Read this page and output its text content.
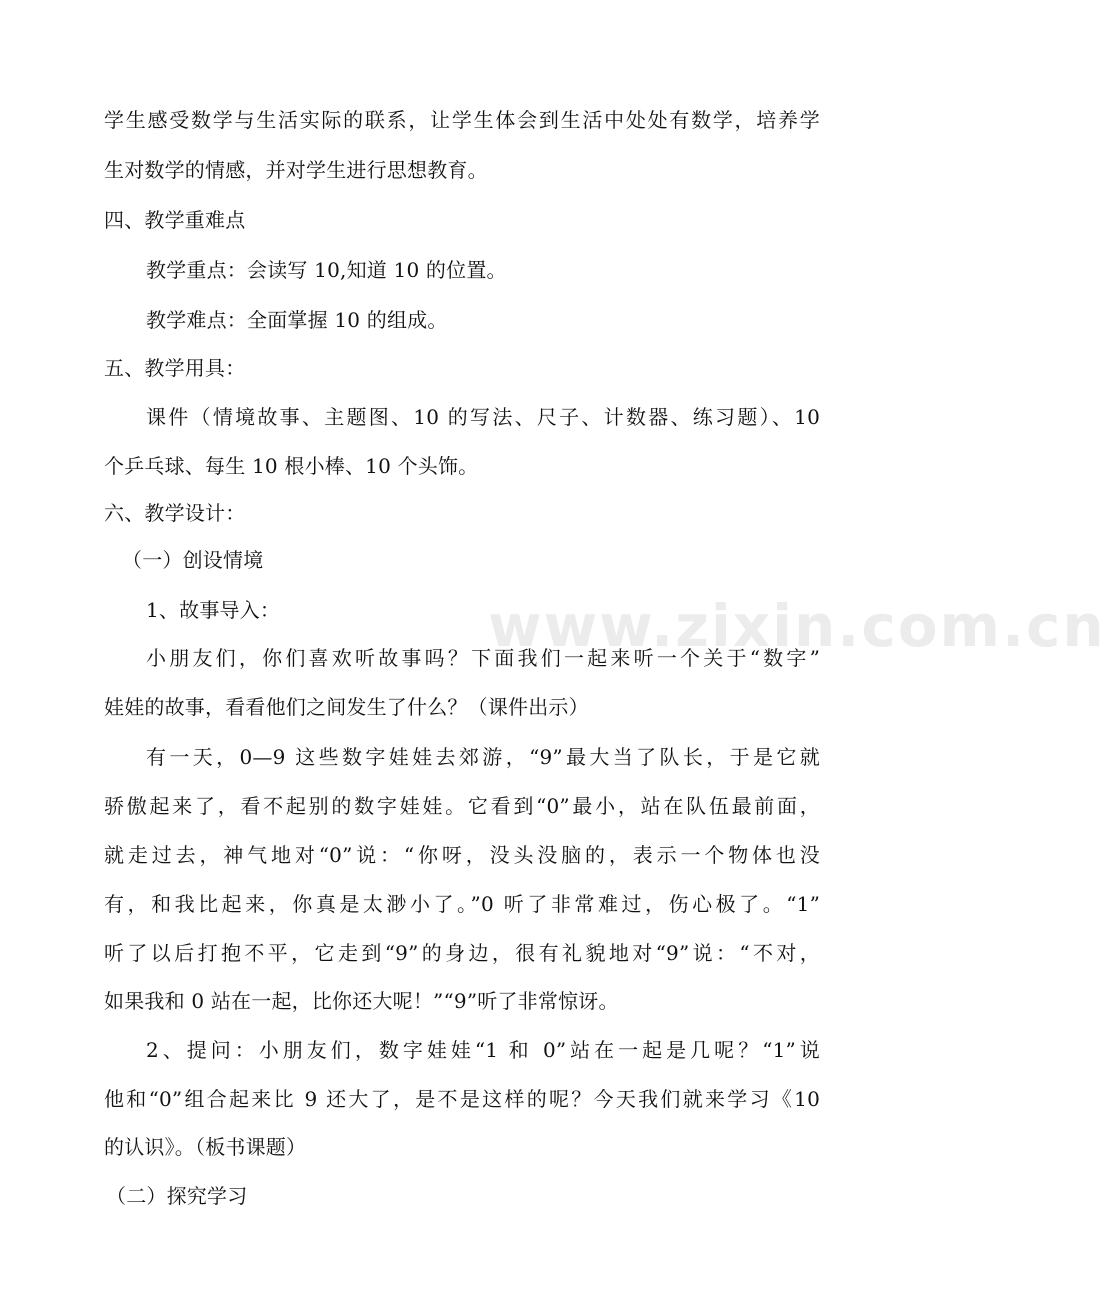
www.zixin.com.cn
学生感受数学与生活实际的联系，让学生体会到生活中处处有数学，培养学
生对数学的情感，并对学生进行思想教育。
四、教学重难点
教学重点：会读写 10,知道 10 的位置。
教学难点：全面掌握 10 的组成。
五、教学用具：
课件（情境故事、主题图、10 的写法、尺子、计数器、练习题）、10
个乒乓球、每生 10 根小棒、10 个头饰。
六、教学设计：
（一）创设情境
1、故事导入：
小朋友们，你们喜欢听故事吗？下面我们一起来听一个关于“数字”
娃娃的故事，看看他们之间发生了什么？（课件出示）
有一天，0—9 这些数字娃娃去郊游，“9”最大当了队长，于是它就
骄傲起来了，看不起别的数字娃娃。它看到“0”最小，站在队伍最前面，
就走过去，神气地对“0”说：“你呀，没头没脑的，表示一个物体也没
有，和我比起来，你真是太渺小了。”0 听了非常难过，伤心极了。“1”
听了以后打抱不平，它走到“9”的身边，很有礼貌地对“9”说：“不对，
如果我和 0 站在一起，比你还大呢！”“9”听了非常惊讶。
2、提问：小朋友们，数字娃娃“1 和 0”站在一起是几呢？“1”说
他和“0”组合起来比 9 还大了，是不是这样的呢？今天我们就来学习《10
的认识》。（板书课题）
（二）探究学习
